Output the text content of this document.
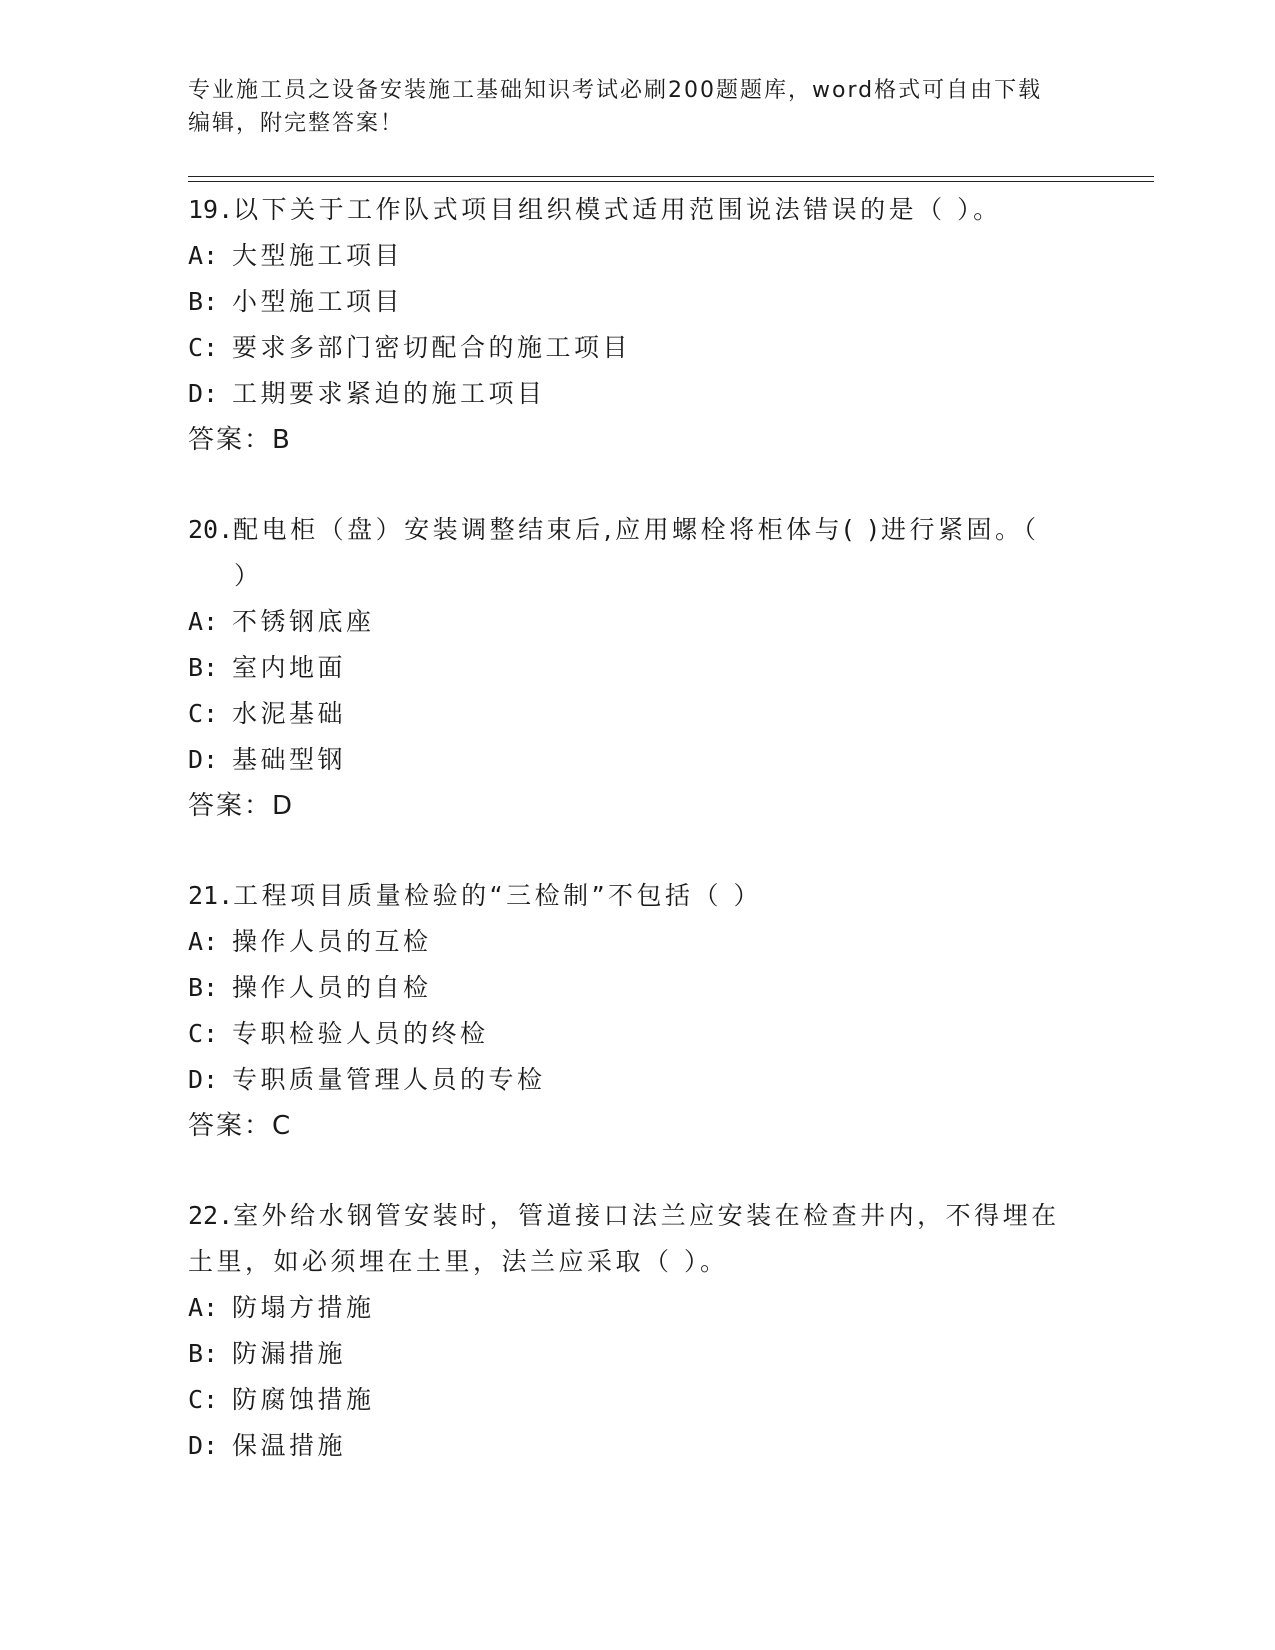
专业施工员之设备安装施工基础知识考试必刷200题题库，word格式可自由下载
编辑，附完整答案！
19.以下关于工作队式项目组织模式适用范围说法错误的是（ ）。
A: 大型施工项目
B: 小型施工项目
C: 要求多部门密切配合的施工项目
D: 工期要求紧迫的施工项目
答案：B
20.配电柜（盘）安装调整结束后,应用螺栓将柜体与( )进行紧固。（
）
A: 不锈钢底座
B: 室内地面
C: 水泥基础
D: 基础型钢
答案：D
21.工程项目质量检验的“三检制”不包括（ ）
A: 操作人员的互检
B: 操作人员的自检
C: 专职检验人员的终检
D: 专职质量管理人员的专检
答案：C
22.室外给水钢管安装时，管道接口法兰应安装在检查井内，不得埋在
土里，如必须埋在土里，法兰应采取（ ）。
A: 防塌方措施
B: 防漏措施
C: 防腐蚀措施
D: 保温措施
